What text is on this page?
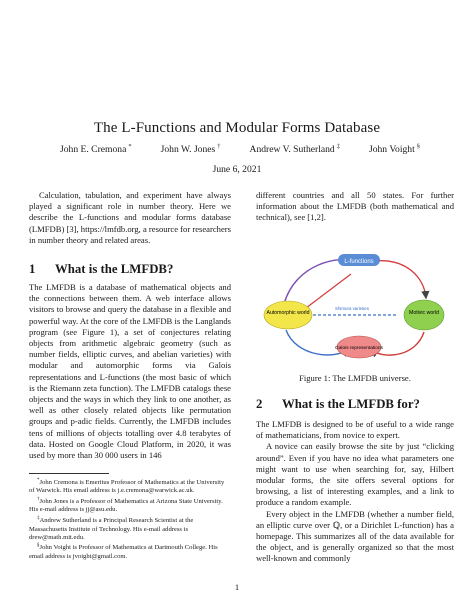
The L-Functions and Modular Forms Database
John E. Cremona *	John W. Jones †	Andrew V. Sutherland ‡	John Voight §
June 6, 2021

Calculation, tabulation, and experiment have always played a significant role in number theory. Here we describe the L-functions and modular forms database (LMFDB) [3], https://lmfdb.org, a resource for researchers in number theory and related areas.

different countries and all 50 states. For further information about the LMFDB (both mathematical and technical), see [1,2].
1 What is the LMFDB?

The LMFDB is a database of mathematical objects and the connections between them. A web interface allows visitors to browse and query the database in a flexible and powerful way. At the core of the LMFDB is the Langlands program (see Figure 1), a set of conjectures relating objects from arithmetic algebraic geometry (such as number fields, elliptic curves, and abelian varieties) with modular and automorphic forms via Galois representations and L-functions (the most basic of which is the Riemann zeta function). The LMFDB catalogs these objects and the ways in which they link to one another, as well as other closely related objects like permutation groups and p-adic fields. Currently, the LMFDB includes tens of millions of objects totalling over 4.8 terabytes of data. Hosted on Google Cloud Platform, in 2020, it was used by more than 30 000 users in 146

*John Cremona is Emeritus Professor of Mathematics at the University of Warwick. His email address is j.e.cremona@warwick.ac.uk.

†John Jones is a Professor of Mathematics at Arizona State University. His e-mail address is jj@asu.edu.

‡Andrew Sutherland is a Principal Research Scientist at the Massachusetts Institute of Technology. His e-mail address is drew@math.mit.edu.

§John Voight is Professor of Mathematics at Dartmouth College. His email address is jvoight@gmail.com.

L-functions
Automorphic world	Motivic world
Galois representations
Shimura varieties
Figure 1: The LMFDB universe.
2 What is the LMFDB for?

The LMFDB is designed to be of useful to a wide range of mathematicians, from novice to expert.

A novice can easily browse the site by just “clicking around”. Even if you have no idea what parameters one might want to use when searching for, say, Hilbert modular forms, the site offers several options for browsing, a list of interesting examples, and a link to produce a random example.

Every object in the LMFDB (whether a number field, an elliptic curve over ℚ, or a Dirichlet L-function) has a homepage. This summarizes all of the data available for the object, and is generally organized so that the most well-known and commonly

1
